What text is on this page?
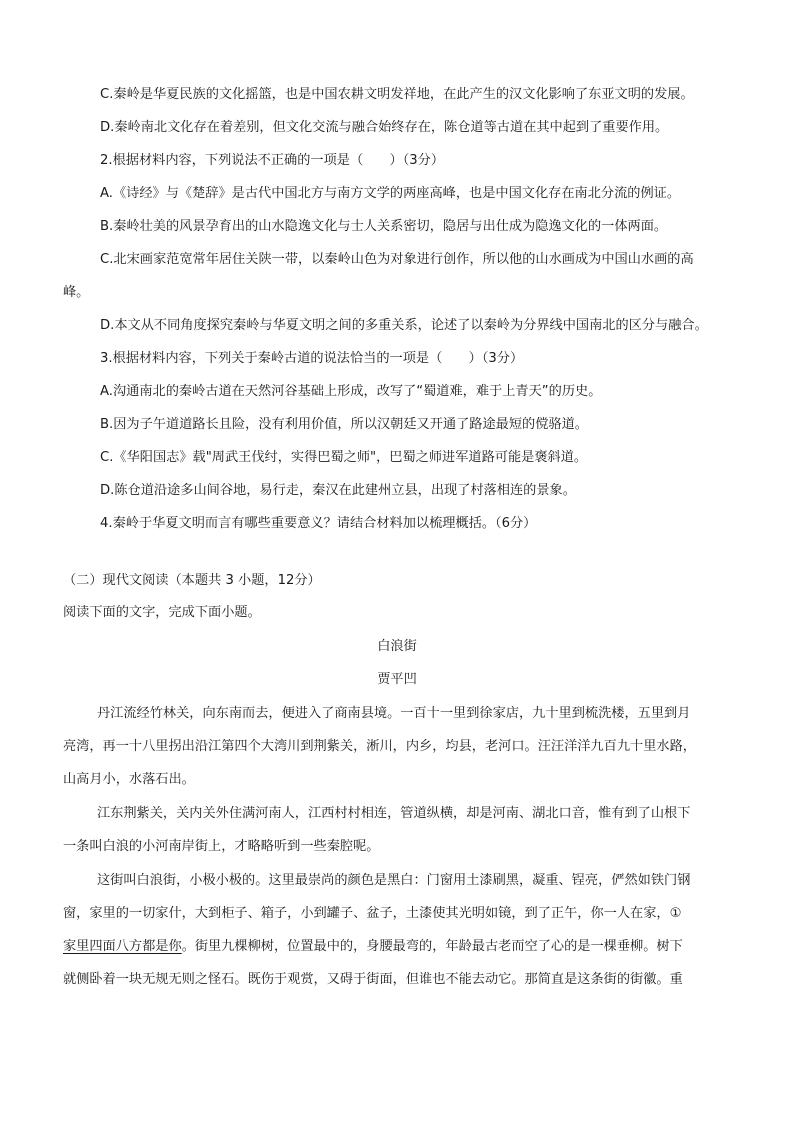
C.秦岭是华夏民族的文化摇篮，也是中国农耕文明发祥地，在此产生的汉文化影响了东亚文明的发展。
D.秦岭南北文化存在着差别，但文化交流与融合始终存在，陈仓道等古道在其中起到了重要作用。
2.根据材料内容，下列说法不正确的一项是（　　）（3分）
A.《诗经》与《楚辞》是古代中国北方与南方文学的两座高峰，也是中国文化存在南北分流的例证。
B.秦岭壮美的风景孕育出的山水隐逸文化与士人关系密切，隐居与出仕成为隐逸文化的一体两面。
C.北宋画家范宽常年居住关陕一带，以秦岭山色为对象进行创作，所以他的山水画成为中国山水画的高
峰。
D.本文从不同角度探究秦岭与华夏文明之间的多重关系，论述了以秦岭为分界线中国南北的区分与融合。
3.根据材料内容，下列关于秦岭古道的说法恰当的一项是（　　）（3分）
A.沟通南北的秦岭古道在天然河谷基础上形成，改写了“蜀道难，难于上青天”的历史。
B.因为子午道道路长且险，没有利用价值，所以汉朝廷又开通了路途最短的傥骆道。
C.《华阳国志》载"周武王伐纣，实得巴蜀之师"，巴蜀之师进军道路可能是褒斜道。
D.陈仓道沿途多山间谷地，易行走，秦汉在此建州立县，出现了村落相连的景象。
4.秦岭于华夏文明而言有哪些重要意义？请结合材料加以梳理概括。（6分）
（二）现代文阅读（本题共 3 小题，12分）
阅读下面的文字，完成下面小题。
白浪街
贾平凹
丹江流经竹林关，向东南而去，便进入了商南县境。一百十一里到徐家店，九十里到梳洗楼，五里到月
亮湾，再一十八里拐出沿江第四个大湾川到荆紫关，淅川，内乡，均县，老河口。汪汪洋洋九百九十里水路，
山高月小，水落石出。
江东荆紫关，关内关外住满河南人，江西村村相连，管道纵横，却是河南、湖北口音，惟有到了山根下
一条叫白浪的小河南岸街上，才略略听到一些秦腔呢。
这街叫白浪街，小极小极的。这里最崇尚的颜色是黑白：门窗用土漆刷黑，凝重、锃亮，俨然如铁门钢
窗，家里的一切家什，大到柜子、箱子，小到罐子、盆子，土漆使其光明如镜，到了正午，你一人在家，①
家里四面八方都是你。街里九棵柳树，位置最中的，身腰最弯的，年龄最古老而空了心的是一棵垂柳。树下
就侧卧着一块无规无则之怪石。既伤于观赏，又碍于街面，但谁也不能去动它。那简直是这条街的街徽。重
